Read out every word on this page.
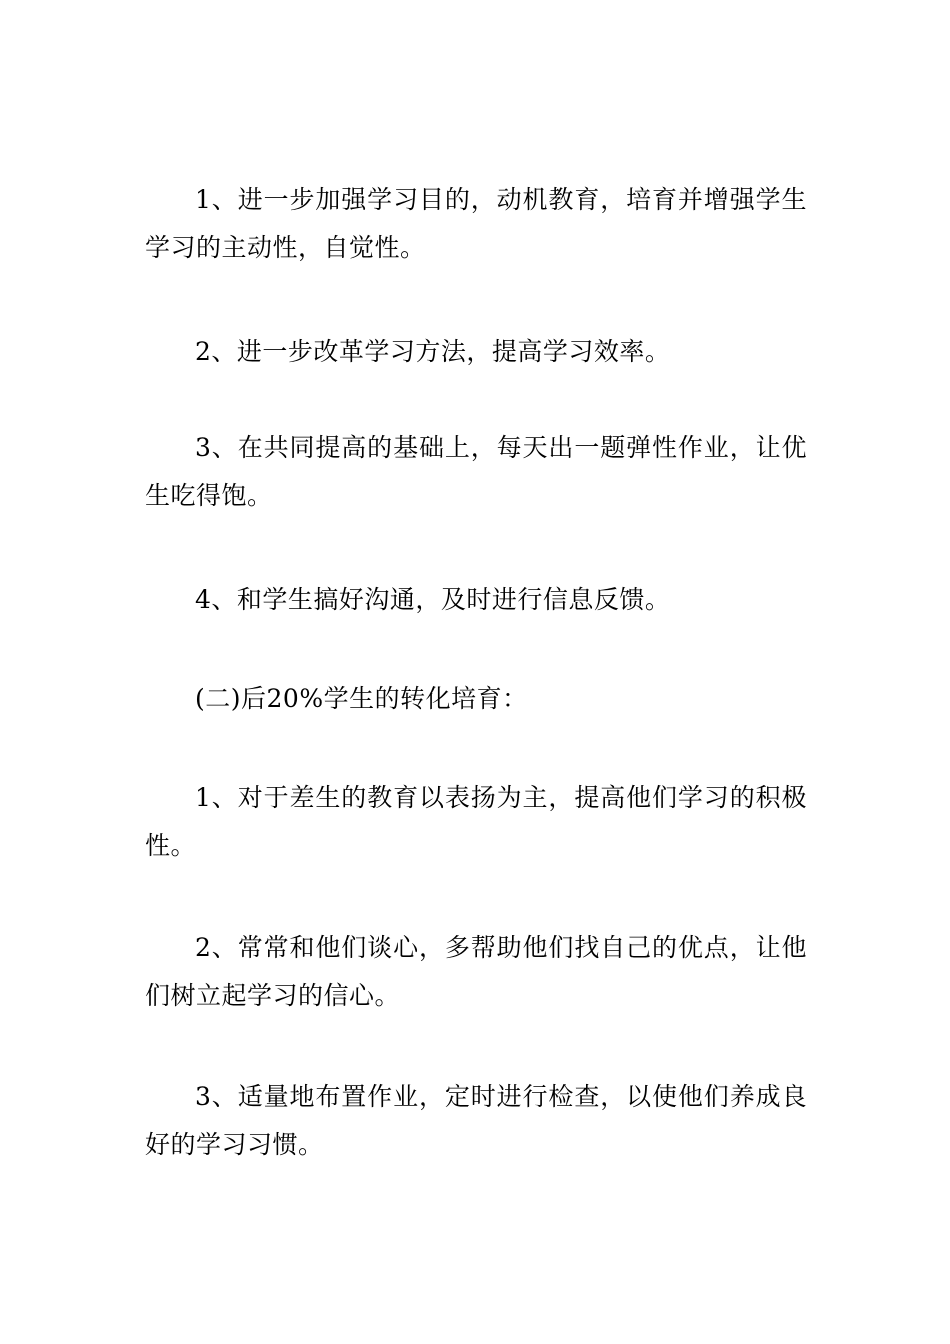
1、进一步加强学习目的，动机教育，培育并增强学生学习的主动性，自觉性。

2、进一步改革学习方法，提高学习效率。

3、在共同提高的基础上，每天出一题弹性作业，让优生吃得饱。

4、和学生搞好沟通，及时进行信息反馈。

(二)后20%学生的转化培育：

1、对于差生的教育以表扬为主，提高他们学习的积极性。

2、常常和他们谈心，多帮助他们找自己的优点，让他们树立起学习的信心。

3、适量地布置作业，定时进行检查，以使他们养成良好的学习习惯。
